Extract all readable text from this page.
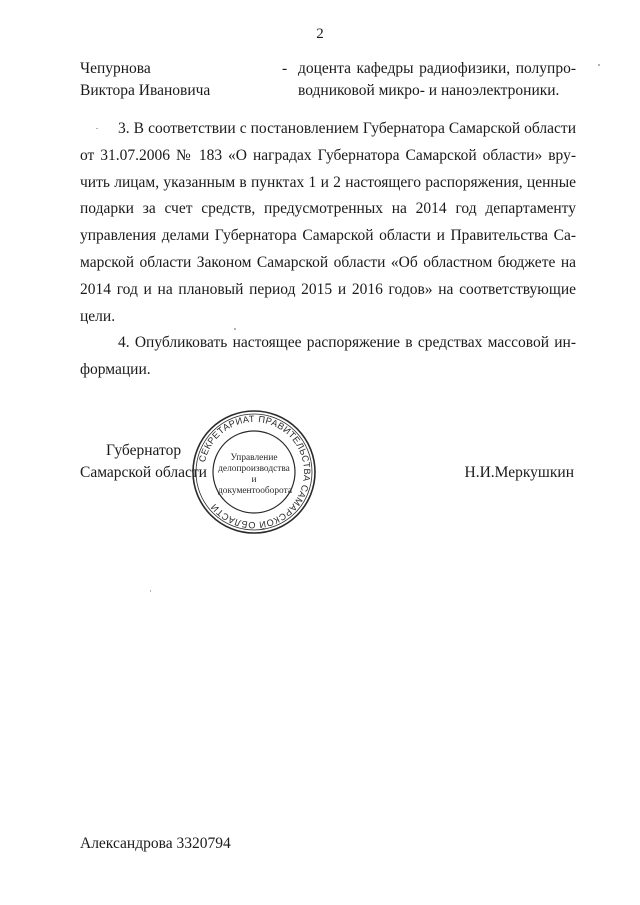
2
Чепурнова
Виктора Ивановича
- доцента кафедры радиофизики, полупро-водниковой микро- и наноэлектроники.

3. В соответствии с постановлением Губернатора Самарской области от 31.07.2006 № 183 «О наградах Губернатора Самарской области» вру-чить лицам, указанным в пунктах 1 и 2 настоящего распоряжения, ценные подарки за счет средств, предусмотренных на 2014 год департаменту управления делами Губернатора Самарской области и Правительства Са-марской области Законом Самарской области «Об областном бюджете на 2014 год и на плановый период 2015 и 2016 годов» на соответствующие цели.

4. Опубликовать настоящее распоряжение в средствах массовой ин-формации.

Губернатор
Самарской области
СЕКРЕТАРИАТ ПРАВИТЕЛЬСТВА САМАРСКОЙ ОБЛАСТИ
Управление
делопроизводства
и документооборота
Н.И.Меркушкин
Александрова 3320794
